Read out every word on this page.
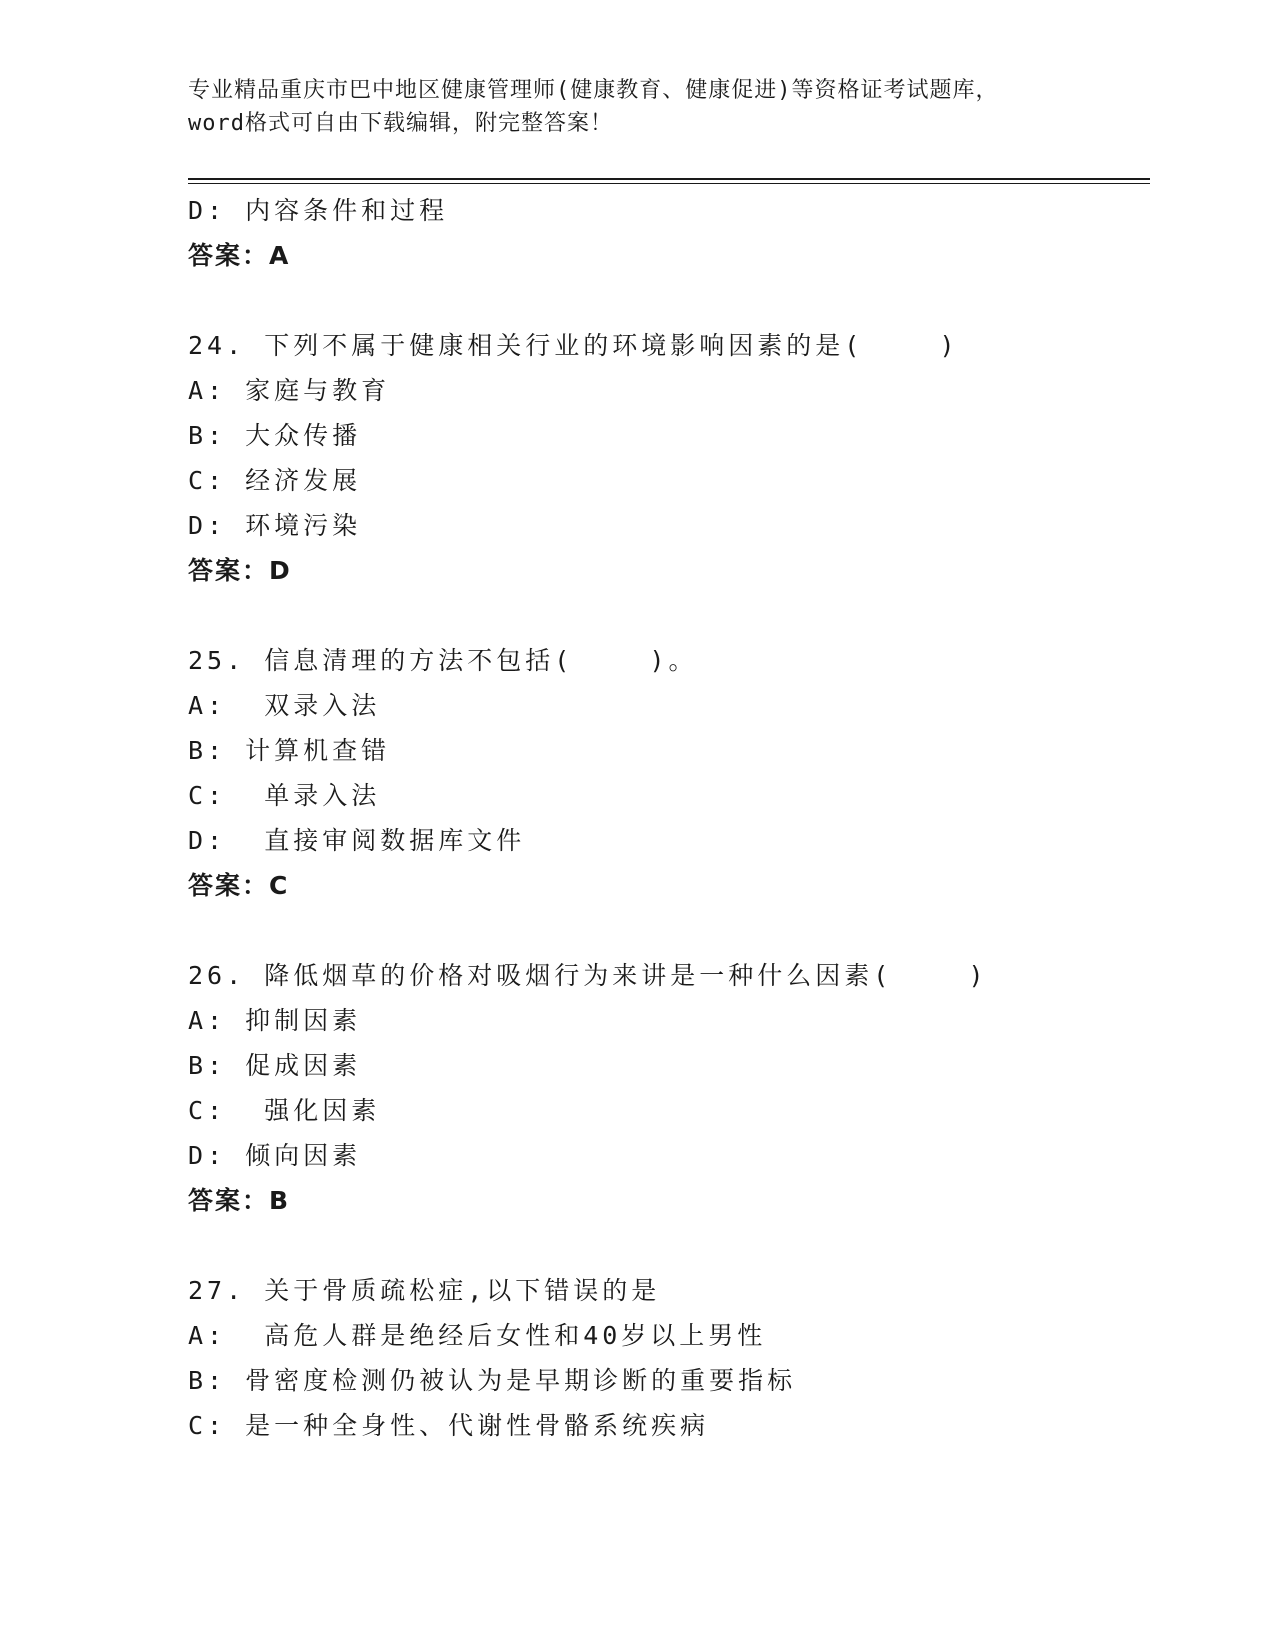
专业精品重庆市巴中地区健康管理师(健康教育、健康促进)等资格证考试题库，
word格式可自由下载编辑，附完整答案！
D: 内容条件和过程
答案：A
24. 下列不属于健康相关行业的环境影响因素的是(    )
A: 家庭与教育
B: 大众传播
C: 经济发展
D: 环境污染
答案：D
25. 信息清理的方法不包括(    )。
A:  双录入法
B: 计算机查错
C:  单录入法
D:  直接审阅数据库文件
答案：C
26. 降低烟草的价格对吸烟行为来讲是一种什么因素(    )
A: 抑制因素
B: 促成因素
C:  强化因素
D: 倾向因素
答案：B
27. 关于骨质疏松症,以下错误的是
A:  高危人群是绝经后女性和40岁以上男性
B: 骨密度检测仍被认为是早期诊断的重要指标
C: 是一种全身性、代谢性骨骼系统疾病
